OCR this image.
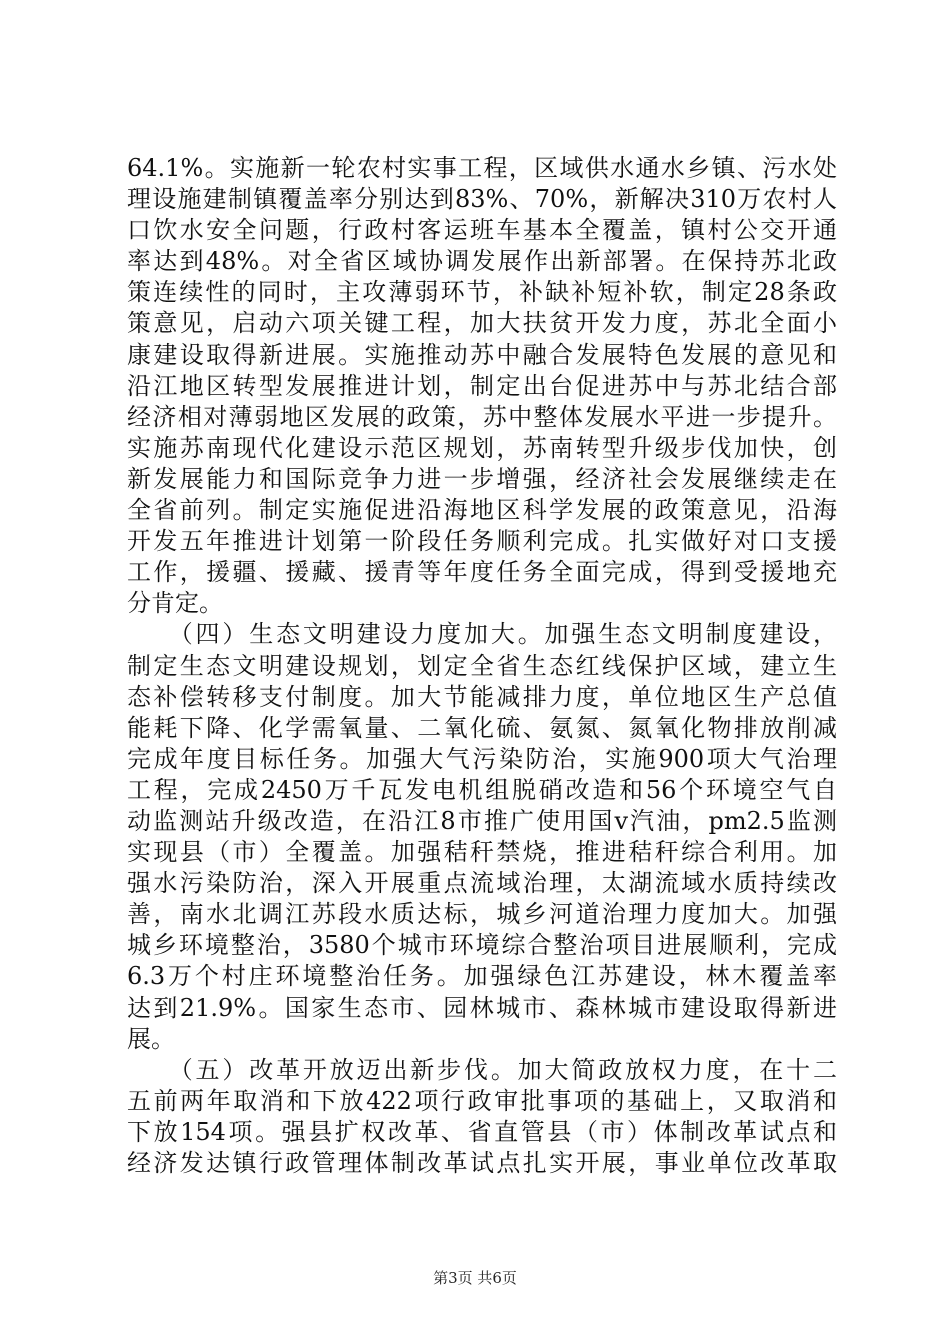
64.1%。实施新一轮农村实事工程，区域供水通水乡镇、污水处
理设施建制镇覆盖率分别达到83%、70%，新解决310万农村人
口饮水安全问题，行政村客运班车基本全覆盖，镇村公交开通
率达到48%。对全省区域协调发展作出新部署。在保持苏北政
策连续性的同时，主攻薄弱环节，补缺补短补软，制定28条政
策意见，启动六项关键工程，加大扶贫开发力度，苏北全面小
康建设取得新进展。实施推动苏中融合发展特色发展的意见和
沿江地区转型发展推进计划，制定出台促进苏中与苏北结合部
经济相对薄弱地区发展的政策，苏中整体发展水平进一步提升。
实施苏南现代化建设示范区规划，苏南转型升级步伐加快，创
新发展能力和国际竞争力进一步增强，经济社会发展继续走在
全省前列。制定实施促进沿海地区科学发展的政策意见，沿海
开发五年推进计划第一阶段任务顺利完成。扎实做好对口支援
工作，援疆、援藏、援青等年度任务全面完成，得到受援地充
分肯定。
　　（四）生态文明建设力度加大。加强生态文明制度建设，
制定生态文明建设规划，划定全省生态红线保护区域，建立生
态补偿转移支付制度。加大节能减排力度，单位地区生产总值
能耗下降、化学需氧量、二氧化硫、氨氮、氮氧化物排放削减
完成年度目标任务。加强大气污染防治，实施900项大气治理
工程，完成2450万千瓦发电机组脱硝改造和56个环境空气自
动监测站升级改造，在沿江8市推广使用国v汽油，pm2.5监测
实现县（市）全覆盖。加强秸秆禁烧，推进秸秆综合利用。加
强水污染防治，深入开展重点流域治理，太湖流域水质持续改
善，南水北调江苏段水质达标，城乡河道治理力度加大。加强
城乡环境整治，3580个城市环境综合整治项目进展顺利，完成
6.3万个村庄环境整治任务。加强绿色江苏建设，林木覆盖率
达到21.9%。国家生态市、园林城市、森林城市建设取得新进
展。
　　（五）改革开放迈出新步伐。加大简政放权力度，在十二
五前两年取消和下放422项行政审批事项的基础上，又取消和
下放154项。强县扩权改革、省直管县（市）体制改革试点和
经济发达镇行政管理体制改革试点扎实开展，事业单位改革取
第3页 共6页
